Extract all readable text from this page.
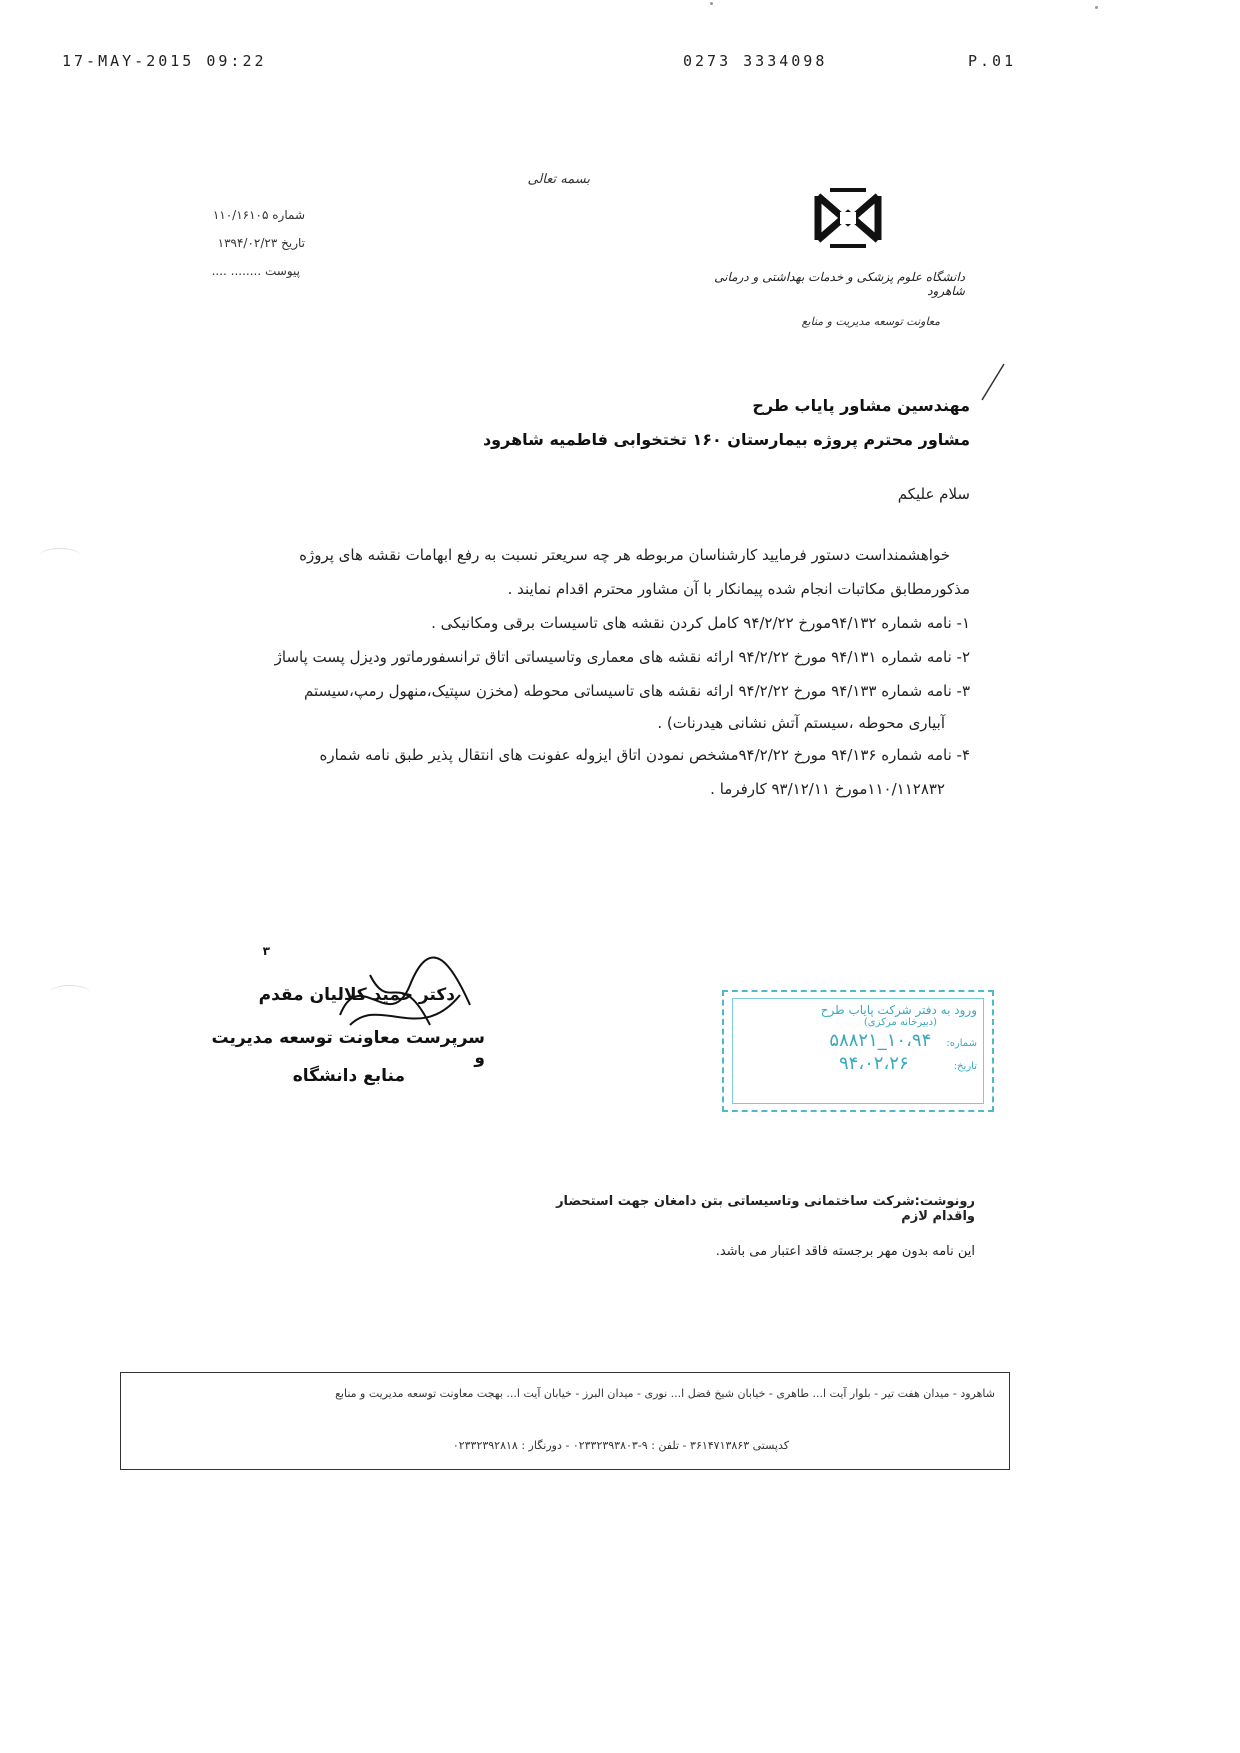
17-MAY-2015 09:22	0273 3334098	P.01
بسمه تعالی
شماره ۱۱۰/۱۶۱۰۵
تاریخ ۱۳۹۴/۰۲/۲۳
پیوست ........ ....	دانشگاه علوم پزشکی و خدمات بهداشتی و درمانی شاهرود
معاونت توسعه مدیریت و منابع
مهندسین مشاور پایاب طرح
مشاور محترم پروژه بیمارستان ۱۶۰ تختخوابی فاطمیه شاهرود
سلام علیکم
خواهشمنداست دستور فرمایید کارشناسان مربوطه هر چه سریعتر نسبت به رفع ابهامات نقشه های پروژه
مذکورمطابق مکاتبات انجام شده پیمانکار با آن مشاور محترم اقدام نمایند .
۱- نامه شماره ۹۴/۱۳۲مورخ ۹۴/۲/۲۲ کامل کردن نقشه های تاسیسات برقی ومکانیکی .
۲- نامه شماره ۹۴/۱۳۱ مورخ ۹۴/۲/۲۲ ارائه نقشه های معماری وتاسیساتی اتاق ترانسفورماتور ودیزل پست پاساژ
۳- نامه شماره ۹۴/۱۳۳ مورخ ۹۴/۲/۲۲ ارائه نقشه های تاسیساتی محوطه (مخزن سپتیک،منهول رمپ،سیستم
آبیاری محوطه ،سیستم آتش نشانی هیدرنات) .
۴- نامه شماره ۹۴/۱۳۶ مورخ ۹۴/۲/۲۲مشخص نمودن اتاق ایزوله عفونت های انتقال پذیر طبق نامه شماره
۱۱۰/۱۱۲۸۳۲مورخ ۹۳/۱۲/۱۱ کارفرما .
۳
دکتر حمید کلالیان مقدم
سرپرست معاونت توسعه مدیریت و
منابع دانشگاه
ورود به دفتر شرکت پایاب طرح
(دبیرخانه مرکزی)
شماره: ۱۰،۹۴_۵۸۸۲۱
تاریخ: ۹۴،۰۲،۲۶
رونوشت:شرکت ساختمانی وتاسیساتی بتن دامغان جهت استحضار واقدام لازم
این نامه بدون مهر برجسته فاقد اعتبار می باشد.
شاهرود - میدان هفت تیر - بلوار آیت ا... طاهری - خیابان شیخ فضل ا... نوری - میدان البرز - خیابان آیت ا... بهجت معاونت توسعه مدیریت و منابع
کدپستی ۳۶۱۴۷۱۳۸۶۳ - تلفن : ۹-۰۲۳۳۲۳۹۳۸۰۳ - دورنگار : ۰۲۳۳۲۳۹۲۸۱۸
